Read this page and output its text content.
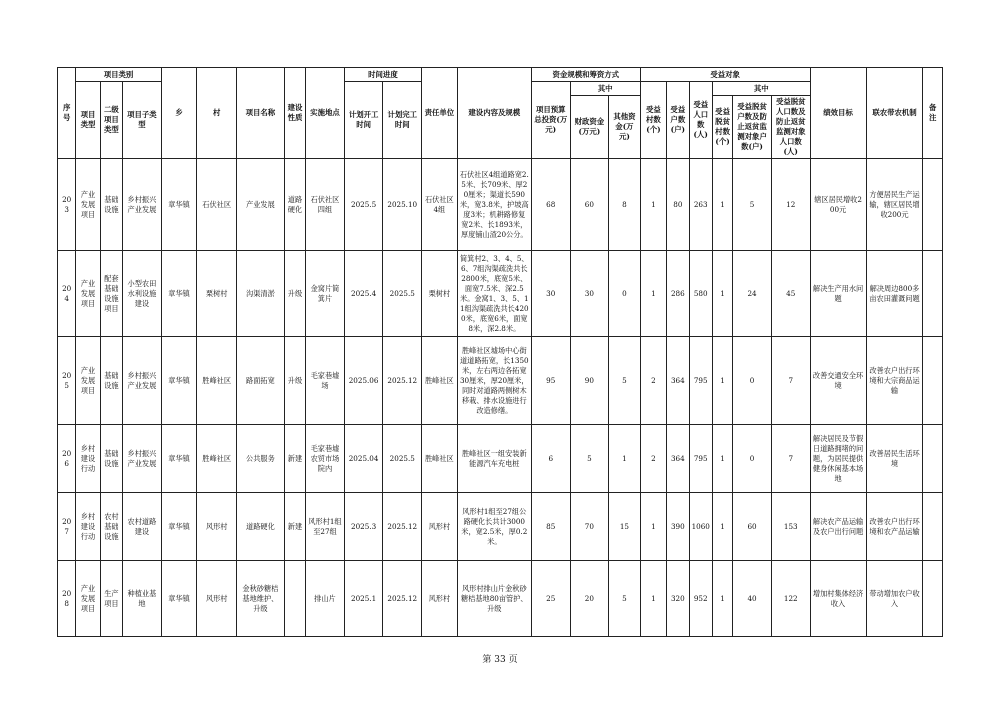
序号	项目类别			乡	村	项目名称	建设性质	实施地点	时间进度		责任单位	建设内容及规模	资金规模和筹资方式			受益对象						绩效目标	联农带农机制	备注
	项目类型	二级项目类型	项目子类型						计划开工时间	计划完工时间			项目预算总投资(万元)	其中		受益村数(个)	受益户数(户)	受益人口数(人)	其中					
														财政资金(万元)	其他资金(万元)				受益脱贫村数(个)	受益脱贫户数及防止返贫监测对象户数(户)	受益脱贫人口数及防止返贫监测对象人口数(人)			
203	产业发展项目	基础设施	乡村振兴产业发展	章华镇	石伏社区	产业发展	道路硬化	石伏社区四组	2025.5	2025.10	石伏社区4组	石伏社区4组道路宽2.5米、长709米、厚20厘米；渠道长590米，宽3.8米，护坡高度3米；机耕路修复宽2米、长1893米，厚度铺山渣20公分。	68	60	8	1	80	263	1	5	12	辖区居民增收200元	方便居民生产运输，辖区居民增收200元	
204	产业发展项目	配套基础设施项目	小型农田水利设施建设	章华镇	栗树村	沟渠清淤	升级	金窝片简箕片	2025.4	2025.5	栗树村	简箕村2、3、4、5、6、7组沟渠疏洗共长2800米，底宽5米、面宽7.5米、深2.5米。金窝1、3、5、11组沟渠疏洗共长4200米，底宽6米，面宽8米，深2.8米。	30	30	0	1	286	580	1	24	45	解决生产用水问题	解决周边800多亩农田灌溉问题	
205	产业发展项目	基础设施	乡村振兴产业发展	章华镇	胜峰社区	路面拓宽	升级	毛家巷墟场	2025.06	2025.12	胜峰社区	胜峰社区墟场中心街道道路拓宽，长1350米，左右两边各拓宽30厘米，厚20厘米，同时对道路两侧树木移栽、排水设施进行改造修缮。	95	90	5	2	364	795	1	0	7	改善交通安全环境	改善农户出行环境和大宗商品运输	
206	乡村建设行动	基础设施	乡村振兴产业发展	章华镇	胜峰社区	公共服务	新建	毛家巷墟农贸市场院内	2025.04	2025.5	胜峰社区	胜峰社区一组安装新能源汽车充电桩	6	5	1	2	364	795	1	0	7	解决居民及节假日道路拥堵的问题，为居民提供健身休闲基本场地	改善居民生活环境	
207	乡村建设行动	农村基础设施	农村道路建设	章华镇	风形村	道路硬化	新建	风形村1组至27组	2025.3	2025.12	风形村	风形村1组至27组公路硬化长共计3000米，宽2.5米，厚0.2米。	85	70	15	1	390	1060	1	60	153	解决农产品运输及农户出行问题	改善农户出行环境和农产品运输	
208	产业发展项目	生产项目	种植业基地	章华镇	风形村	金秋砂糖桔基地维护、升级		排山片	2025.1	2025.12	风形村	风形村排山片金秋砂糖桔基地80亩管护、升级	25	20	5	1	320	952	1	40	122	增加村集体经济收入	带动增加农户收入	
第 33 页
